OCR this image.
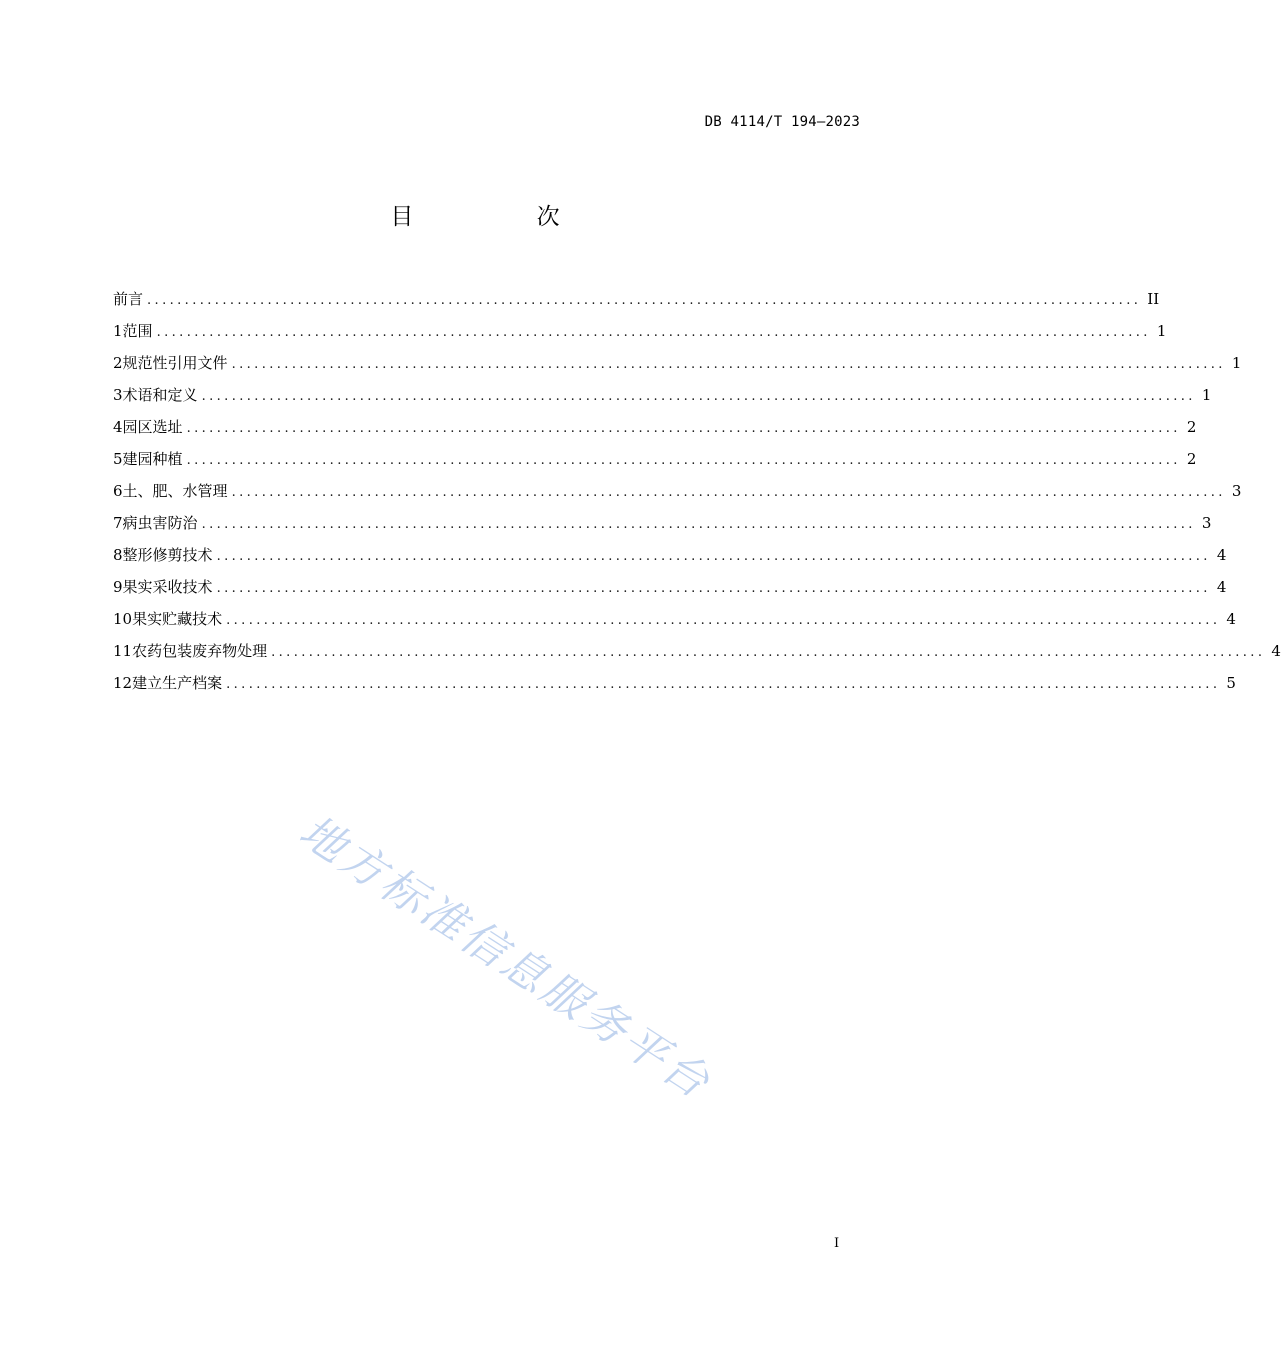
DB 4114/T 194—2023
目 次
前言 .................................................................................................................................... II
1 范围 .................................................................................................................................... 1
2 规范性引用文件 .................................................................................................................................... 1
3 术语和定义 .................................................................................................................................... 1
4 园区选址 .................................................................................................................................... 2
5 建园种植 .................................................................................................................................... 2
6 土、肥、水管理 .................................................................................................................................... 3
7 病虫害防治 .................................................................................................................................... 3
8 整形修剪技术 .................................................................................................................................... 4
9 果实采收技术 .................................................................................................................................... 4
10 果实贮藏技术 .................................................................................................................................... 4
11 农药包装废弃物处理 .................................................................................................................................... 4
12 建立生产档案 .................................................................................................................................... 5
地方标准信息服务平台
I
